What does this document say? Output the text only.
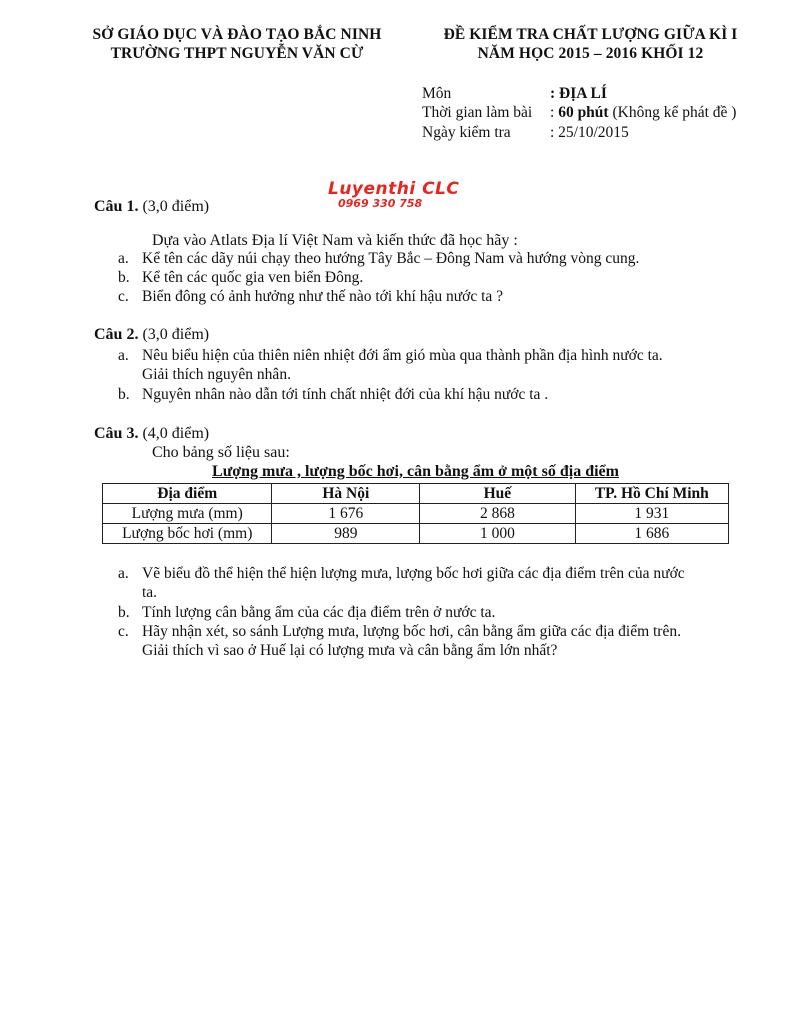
SỞ GIÁO DỤC VÀ ĐÀO TẠO BẮC NINH
TRƯỜNG THPT NGUYỄN VĂN CỪ
ĐỀ KIỂM TRA CHẤT LƯỢNG GIỮA KÌ I
NĂM HỌC 2015 – 2016 KHỐI 12
Môn	: ĐỊA LÍ
Thời gian làm bài : 60 phút (Không kể phát đề )
Ngày kiểm tra	: 25/10/2015
Luyenthi CLC
0969 330 758
Câu 1. (3,0 điểm)
Dựa vào Atlats Địa lí Việt Nam và kiến thức đã học hãy :
a. Kể tên các dãy núi chạy theo hướng Tây Bắc – Đông Nam và hướng vòng cung.
b. Kể tên các quốc gia ven biển Đông.
c. Biển đông có ảnh hưởng như thế nào tới khí hậu nước ta ?
Câu 2. (3,0 điểm)
a. Nêu biểu hiện của thiên niên nhiệt đới ẩm gió mùa qua thành phần địa hình nước ta.
Giải thích nguyên nhân.
b. Nguyên nhân nào dẫn tới tính chất nhiệt đới của khí hậu nước ta .
Câu 3. (4,0 điểm)
Cho bảng số liệu sau:
Lượng mưa , lượng bốc hơi, cân bằng ẩm ở một số địa điểm
Địa điểm	Hà Nội	Huế	TP. Hồ Chí Minh
Lượng mưa (mm)	1 676	2 868	1 931
Lượng bốc hơi (mm)	989	1 000	1 686
a. Vẽ biểu đồ thể hiện thể hiện lượng mưa, lượng bốc hơi giữa các địa điểm trên của nước
ta.
b. Tính lượng cân bằng ẩm của các địa điểm trên ở nước ta.
c. Hãy nhận xét, so sánh Lượng mưa, lượng bốc hơi, cân bằng ẩm giữa các địa điểm trên.
Giải thích vì sao ở Huế lại có lượng mưa và cân bằng ẩm lớn nhất?
